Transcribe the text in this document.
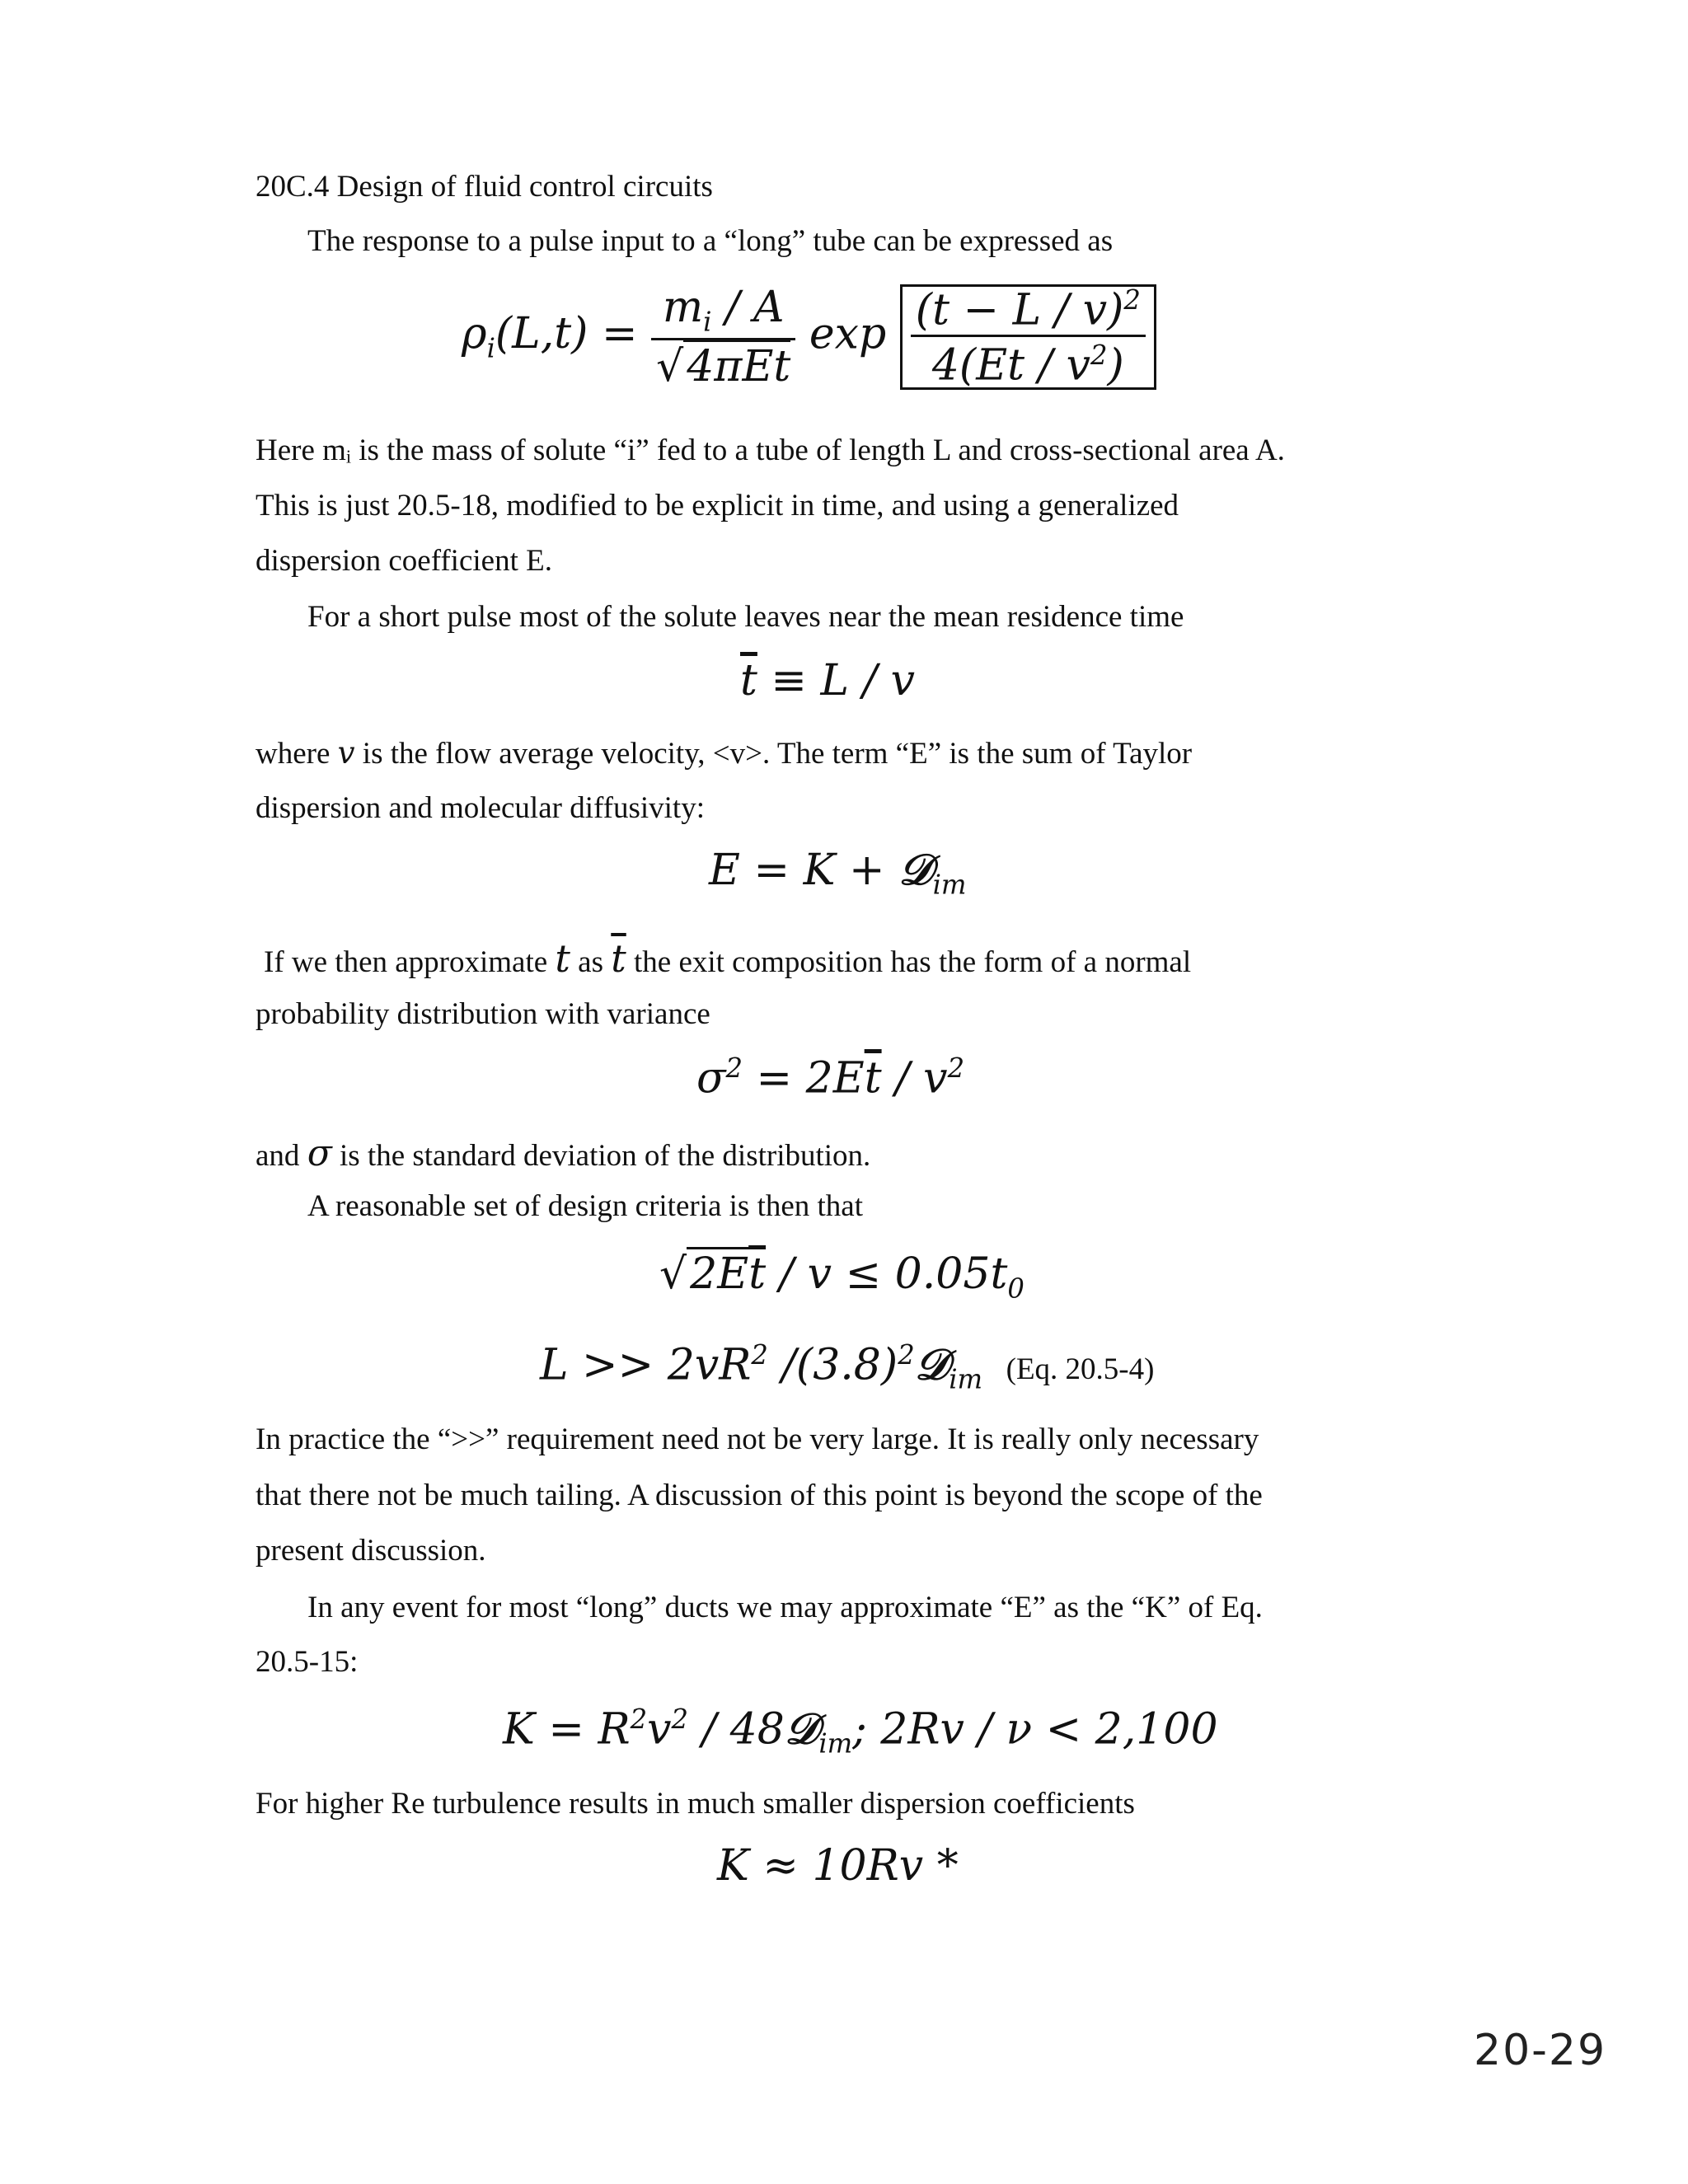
20C.4 Design of fluid control circuits
The response to a pulse input to a “long” tube can be expressed as
$\rho_i(L,t) = \frac{m_i / A}{\text{√4πEt}}$ $\exp \frac{(t - L / v)^2}{4(Et / v^2)}$
Here mᵢ is the mass of solute “i” fed to a tube of length L and cross-sectional area A.
This is just 20.5-18, modified to be explicit in time, and using a generalized
dispersion coefficient E.
For a short pulse most of the solute leaves near the mean residence time
$\overline{t} \equiv L / v$
where v is the flow average velocity, <v>. The term “E” is the sum of Taylor
dispersion and molecular diffusivity:
E = K + 𝒟$_{im}$
If we then approximate t as $\overline{t}$ the exit composition has the form of a normal
probability distribution with variance
$\sigma^2 = 2E\overline{t} / v^2$
and σ is the standard deviation of the distribution.
A reasonable set of design criteria is then that
$√2E\overline{t} / v \le 0.05t_0$
$L >> 2vR^2$ $/(3.8)^2𝒟_{im}$ (Eq. 20.5-4)
In practice the “>>” requirement need not be very large. It is really only necessary
that there not be much tailing. A discussion of this point is beyond the scope of the
present discussion.
In any event for most “long” ducts we may approximate “E” as the “K” of Eq.
20.5-15:
$K = R^2v^2$ / 48𝒟$_{im}$; 2Rv / ν < 2,100
For higher Re turbulence results in much smaller dispersion coefficients
K ≈ 10Rv *
20-29
